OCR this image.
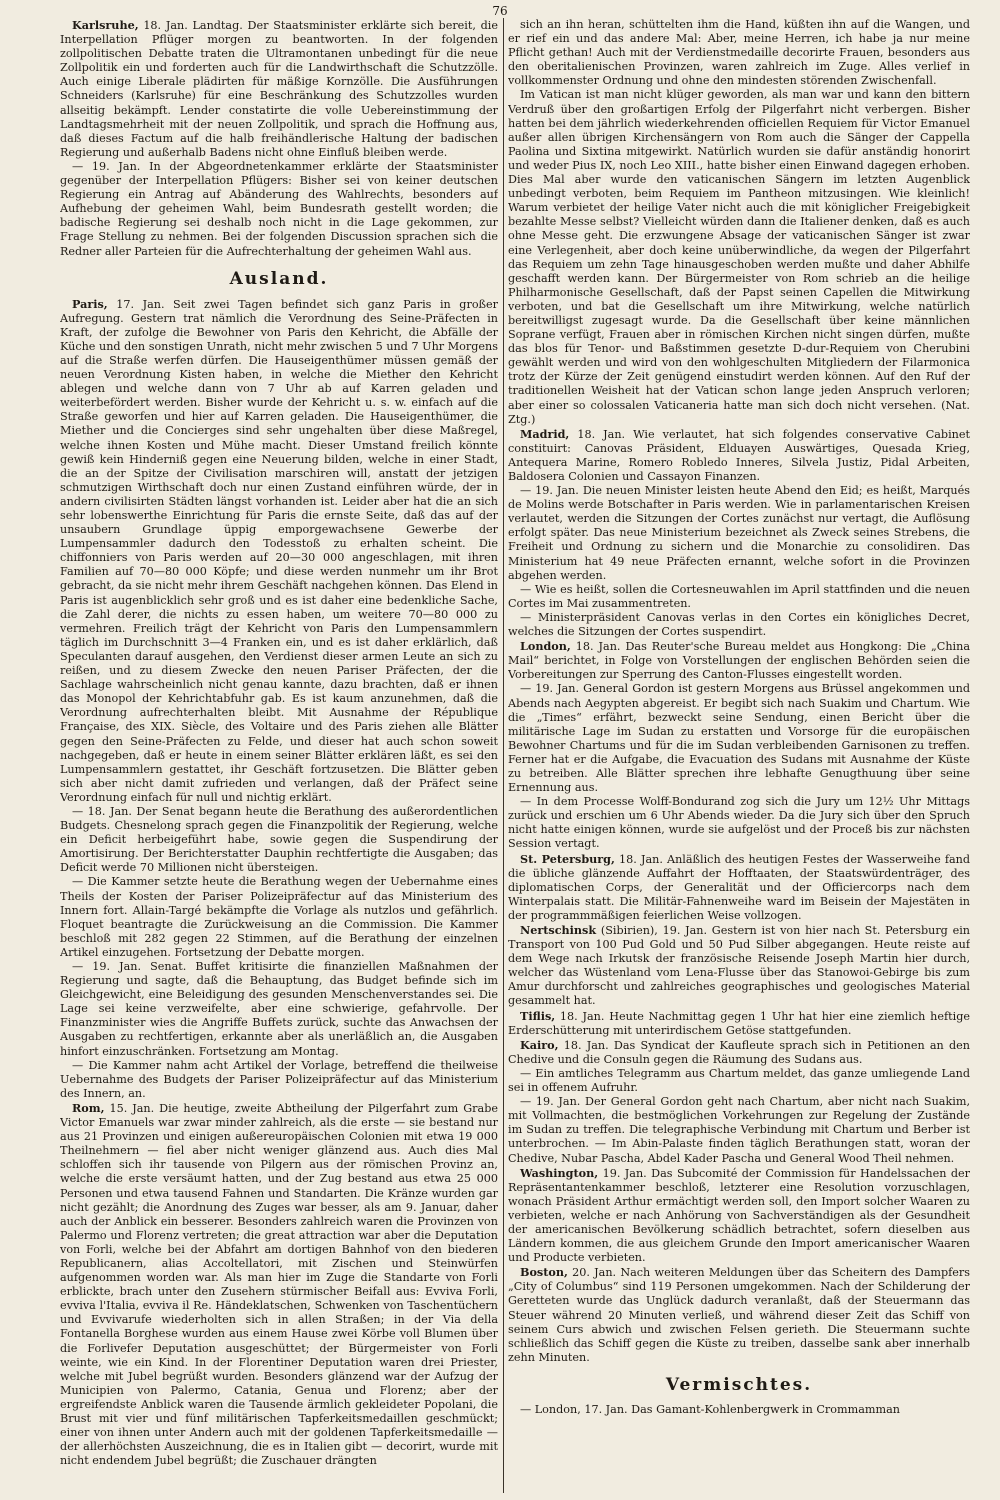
76

Karlsruhe, 18. Jan. Landtag. Der Staatsminister erklärte sich bereit, die Interpellation Pflüger morgen zu beantworten. In der folgenden zollpolitischen Debatte traten die Ultramontanen unbedingt für die neue Zollpolitik ein und forderten auch für die Landwirthschaft die Schutzzölle. Auch einige Liberale plädirten für mäßige Kornzölle. Die Ausführungen Schneiders (Karlsruhe) für eine Beschränkung des Schutzzolles wurden allseitig bekämpft. Lender constatirte die volle Uebereinstimmung der Landtagsmehrheit mit der neuen Zollpolitik, und sprach die Hoffnung aus, daß dieses Factum auf die halb freihändlerische Haltung der badischen Regierung und außerhalb Badens nicht ohne Einfluß bleiben werde.

— 19. Jan. In der Abgeordnetenkammer erklärte der Staatsminister gegenüber der Interpellation Pflügers: Bisher sei von keiner deutschen Regierung ein Antrag auf Abänderung des Wahlrechts, besonders auf Aufhebung der geheimen Wahl, beim Bundesrath gestellt worden; die badische Regierung sei deshalb noch nicht in die Lage gekommen, zur Frage Stellung zu nehmen. Bei der folgenden Discussion sprachen sich die Redner aller Parteien für die Aufrechterhaltung der geheimen Wahl aus.

Ausland.

Paris, 17. Jan. Seit zwei Tagen befindet sich ganz Paris in großer Aufregung. Gestern trat nämlich die Verordnung des Seine-Präfecten in Kraft, der zufolge die Bewohner von Paris den Kehricht, die Abfälle der Küche und den sonstigen Unrath, nicht mehr zwischen 5 und 7 Uhr Morgens auf die Straße werfen dürfen. Die Hauseigenthümer müssen gemäß der neuen Verordnung Kisten haben, in welche die Miether den Kehricht ablegen und welche dann von 7 Uhr ab auf Karren geladen und weiterbefördert werden. Bisher wurde der Kehricht u. s. w. einfach auf die Straße geworfen und hier auf Karren geladen. Die Hauseigenthümer, die Miether und die Concierges sind sehr ungehalten über diese Maßregel, welche ihnen Kosten und Mühe macht. Dieser Umstand freilich könnte gewiß kein Hinderniß gegen eine Neuerung bilden, welche in einer Stadt, die an der Spitze der Civilisation marschiren will, anstatt der jetzigen schmutzigen Wirthschaft doch nur einen Zustand einführen würde, der in andern civilisirten Städten längst vorhanden ist. Leider aber hat die an sich sehr lobenswerthe Einrichtung für Paris die ernste Seite, daß das auf der unsaubern Grundlage üppig emporgewachsene Gewerbe der Lumpensammler dadurch den Todesstoß zu erhalten scheint. Die chiffonniers von Paris werden auf 20—30 000 angeschlagen, mit ihren Familien auf 70—80 000 Köpfe; und diese werden nunmehr um ihr Brot gebracht, da sie nicht mehr ihrem Geschäft nachgehen können. Das Elend in Paris ist augenblicklich sehr groß und es ist daher eine bedenkliche Sache, die Zahl derer, die nichts zu essen haben, um weitere 70—80 000 zu vermehren. Freilich trägt der Kehricht von Paris den Lumpensammlern täglich im Durchschnitt 3—4 Franken ein, und es ist daher erklärlich, daß Speculanten darauf ausgehen, den Verdienst dieser armen Leute an sich zu reißen, und zu diesem Zwecke den neuen Pariser Präfecten, der die Sachlage wahrscheinlich nicht genau kannte, dazu brachten, daß er ihnen das Monopol der Kehrichtabfuhr gab. Es ist kaum anzunehmen, daß die Verordnung aufrechterhalten bleibt. Mit Ausnahme der République Française, des XIX. Siècle, des Voltaire und des Paris ziehen alle Blätter gegen den Seine-Präfecten zu Felde, und dieser hat auch schon soweit nachgegeben, daß er heute in einem seiner Blätter erklären läßt, es sei den Lumpensammlern gestattet, ihr Geschäft fortzusetzen. Die Blätter geben sich aber nicht damit zufrieden und verlangen, daß der Präfect seine Verordnung einfach für null und nichtig erklärt.

— 18. Jan. Der Senat begann heute die Berathung des außerordentlichen Budgets. Chesnelong sprach gegen die Finanzpolitik der Regierung, welche ein Deficit herbeigeführt habe, sowie gegen die Suspendirung der Amortisirung. Der Berichterstatter Dauphin rechtfertigte die Ausgaben; das Deficit werde 70 Millionen nicht übersteigen.

— Die Kammer setzte heute die Berathung wegen der Uebernahme eines Theils der Kosten der Pariser Polizeipräfectur auf das Ministerium des Innern fort. Allain-Targé bekämpfte die Vorlage als nutzlos und gefährlich. Floquet beantragte die Zurückweisung an die Commission. Die Kammer beschloß mit 282 gegen 22 Stimmen, auf die Berathung der einzelnen Artikel einzugehen. Fortsetzung der Debatte morgen.

— 19. Jan. Senat. Buffet kritisirte die finanziellen Maßnahmen der Regierung und sagte, daß die Behauptung, das Budget befinde sich im Gleichgewicht, eine Beleidigung des gesunden Menschenverstandes sei. Die Lage sei keine verzweifelte, aber eine schwierige, gefahrvolle. Der Finanzminister wies die Angriffe Buffets zurück, suchte das Anwachsen der Ausgaben zu rechtfertigen, erkannte aber als unerläßlich an, die Ausgaben hinfort einzuschränken. Fortsetzung am Montag.

— Die Kammer nahm acht Artikel der Vorlage, betreffend die theilweise Uebernahme des Budgets der Pariser Polizeipräfectur auf das Ministerium des Innern, an.

Rom, 15. Jan. Die heutige, zweite Abtheilung der Pilgerfahrt zum Grabe Victor Emanuels war zwar minder zahlreich, als die erste — sie bestand nur aus 21 Provinzen und einigen außereuropäischen Colonien mit etwa 19 000 Theilnehmern — fiel aber nicht weniger glänzend aus. Auch dies Mal schloffen sich ihr tausende von Pilgern aus der römischen Provinz an, welche die erste versäumt hatten, und der Zug bestand aus etwa 25 000 Personen und etwa tausend Fahnen und Standarten. Die Kränze wurden gar nicht gezählt; die Anordnung des Zuges war besser, als am 9. Januar, daher auch der Anblick ein besserer. Besonders zahlreich waren die Provinzen von Palermo und Florenz vertreten; die great attraction war aber die Deputation von Forli, welche bei der Abfahrt am dortigen Bahnhof von den biederen Republicanern, alias Accoltellatori, mit Zischen und Steinwürfen aufgenommen worden war. Als man hier im Zuge die Standarte von Forli erblickte, brach unter den Zusehern stürmischer Beifall aus: Evviva Forli, evviva l'Italia, evviva il Re. Händeklatschen, Schwenken von Taschentüchern und Evvivarufe wiederholten sich in allen Straßen; in der Via della Fontanella Borghese wurden aus einem Hause zwei Körbe voll Blumen über die Forlivefer Deputation ausgeschüttet; der Bürgermeister von Forli weinte, wie ein Kind. In der Florentiner Deputation waren drei Priester, welche mit Jubel begrüßt wurden. Besonders glänzend war der Aufzug der Municipien von Palermo, Catania, Genua und Florenz; aber der ergreifendste Anblick waren die Tausende ärmlich gekleideter Popolani, die Brust mit vier und fünf militärischen Tapferkeitsmedaillen geschmückt; einer von ihnen unter Andern auch mit der goldenen Tapferkeitsmedaille — der allerhöchsten Auszeichnung, die es in Italien gibt — decorirt, wurde mit nicht endendem Jubel begrüßt; die Zuschauer drängten

sich an ihn heran, schüttelten ihm die Hand, küßten ihn auf die Wangen, und er rief ein und das andere Mal: Aber, meine Herren, ich habe ja nur meine Pflicht gethan! Auch mit der Verdienstmedaille decorirte Frauen, besonders aus den oberitalienischen Provinzen, waren zahlreich im Zuge. Alles verlief in vollkommenster Ordnung und ohne den mindesten störenden Zwischenfall.

Im Vatican ist man nicht klüger geworden, als man war und kann den bittern Verdruß über den großartigen Erfolg der Pilgerfahrt nicht verbergen. Bisher hatten bei dem jährlich wiederkehrenden officiellen Requiem für Victor Emanuel außer allen übrigen Kirchensängern von Rom auch die Sänger der Cappella Paolina und Sixtina mitgewirkt. Natürlich wurden sie dafür anständig honorirt und weder Pius IX, noch Leo XIII., hatte bisher einen Einwand dagegen erhoben. Dies Mal aber wurde den vaticanischen Sängern im letzten Augenblick unbedingt verboten, beim Requiem im Pantheon mitzusingen. Wie kleinlich! Warum verbietet der heilige Vater nicht auch die mit königlicher Freigebigkeit bezahlte Messe selbst? Vielleicht würden dann die Italiener denken, daß es auch ohne Messe geht. Die erzwungene Absage der vaticanischen Sänger ist zwar eine Verlegenheit, aber doch keine unüberwindliche, da wegen der Pilgerfahrt das Requiem um zehn Tage hinausgeschoben werden mußte und daher Abhilfe geschafft werden kann. Der Bürgermeister von Rom schrieb an die heilige Philharmonische Gesellschaft, daß der Papst seinen Capellen die Mitwirkung verboten, und bat die Gesellschaft um ihre Mitwirkung, welche natürlich bereitwilligst zugesagt wurde. Da die Gesellschaft über keine männlichen Soprane verfügt, Frauen aber in römischen Kirchen nicht singen dürfen, mußte das blos für Tenor- und Baßstimmen gesetzte D-dur-Requiem von Cherubini gewählt werden und wird von den wohlgeschulten Mitgliedern der Filarmonica trotz der Kürze der Zeit genügend einstudirt werden können. Auf den Ruf der traditionellen Weisheit hat der Vatican schon lange jeden Anspruch verloren; aber einer so colossalen Vaticaneria hatte man sich doch nicht versehen. (Nat. Ztg.)

Madrid, 18. Jan. Wie verlautet, hat sich folgendes conservative Cabinet constituirt: Canovas Präsident, Elduayen Auswärtiges, Quesada Krieg, Antequera Marine, Romero Robledo Inneres, Silvela Justiz, Pidal Arbeiten, Baldosera Colonien und Cassayon Finanzen.

— 19. Jan. Die neuen Minister leisten heute Abend den Eid; es heißt, Marqués de Molins werde Botschafter in Paris werden. Wie in parlamentarischen Kreisen verlautet, werden die Sitzungen der Cortes zunächst nur vertagt, die Auflösung erfolgt später. Das neue Ministerium bezeichnet als Zweck seines Strebens, die Freiheit und Ordnung zu sichern und die Monarchie zu consolidiren. Das Ministerium hat 49 neue Präfecten ernannt, welche sofort in die Provinzen abgehen werden.

— Wie es heißt, sollen die Cortesneuwahlen im April stattfinden und die neuen Cortes im Mai zusammentreten.

— Ministerpräsident Canovas verlas in den Cortes ein königliches Decret, welches die Sitzungen der Cortes suspendirt.

London, 18. Jan. Das Reuter'sche Bureau meldet aus Hongkong: Die „China Mail“ berichtet, in Folge von Vorstellungen der englischen Behörden seien die Vorbereitungen zur Sperrung des Canton-Flusses eingestellt worden.

— 19. Jan. General Gordon ist gestern Morgens aus Brüssel angekommen und Abends nach Aegypten abgereist. Er begibt sich nach Suakim und Chartum. Wie die „Times“ erfährt, bezweckt seine Sendung, einen Bericht über die militärische Lage im Sudan zu erstatten und Vorsorge für die europäischen Bewohner Chartums und für die im Sudan verbleibenden Garnisonen zu treffen. Ferner hat er die Aufgabe, die Evacuation des Sudans mit Ausnahme der Küste zu betreiben. Alle Blätter sprechen ihre lebhafte Genugthuung über seine Ernennung aus.

— In dem Processe Wolff-Bondurand zog sich die Jury um 12½ Uhr Mittags zurück und erschien um 6 Uhr Abends wieder. Da die Jury sich über den Spruch nicht hatte einigen können, wurde sie aufgelöst und der Proceß bis zur nächsten Session vertagt.

St. Petersburg, 18. Jan. Anläßlich des heutigen Festes der Wasserweihe fand die übliche glänzende Auffahrt der Hofftaaten, der Staatswürdenträger, des diplomatischen Corps, der Generalität und der Officiercorps nach dem Winterpalais statt. Die Militär-Fahnenweihe ward im Beisein der Majestäten in der programmmäßigen feierlichen Weise vollzogen.

Nertschinsk (Sibirien), 19. Jan. Gestern ist von hier nach St. Petersburg ein Transport von 100 Pud Gold und 50 Pud Silber abgegangen. Heute reiste auf dem Wege nach Irkutsk der französische Reisende Joseph Martin hier durch, welcher das Wüstenland vom Lena-Flusse über das Stanowoi-Gebirge bis zum Amur durchforscht und zahlreiches geographisches und geologisches Material gesammelt hat.

Tiflis, 18. Jan. Heute Nachmittag gegen 1 Uhr hat hier eine ziemlich heftige Erderschütterung mit unterirdischem Getöse stattgefunden.

Kairo, 18. Jan. Das Syndicat der Kaufleute sprach sich in Petitionen an den Chedive und die Consuln gegen die Räumung des Sudans aus.

— Ein amtliches Telegramm aus Chartum meldet, das ganze umliegende Land sei in offenem Aufruhr.

— 19. Jan. Der General Gordon geht nach Chartum, aber nicht nach Suakim, mit Vollmachten, die bestmöglichen Vorkehrungen zur Regelung der Zustände im Sudan zu treffen. Die telegraphische Verbindung mit Chartum und Berber ist unterbrochen. — Im Abin-Palaste finden täglich Berathungen statt, woran der Chedive, Nubar Pascha, Abdel Kader Pascha und General Wood Theil nehmen.

Washington, 19. Jan. Das Subcomité der Commission für Handelssachen der Repräsentantenkammer beschloß, letzterer eine Resolution vorzuschlagen, wonach Präsident Arthur ermächtigt werden soll, den Import solcher Waaren zu verbieten, welche er nach Anhörung von Sachverständigen als der Gesundheit der americanischen Bevölkerung schädlich betrachtet, sofern dieselben aus Ländern kommen, die aus gleichem Grunde den Import americanischer Waaren und Producte verbieten.

Boston, 20. Jan. Nach weiteren Meldungen über das Scheitern des Dampfers „City of Columbus“ sind 119 Personen umgekommen. Nach der Schilderung der Geretteten wurde das Unglück dadurch veranlaßt, daß der Steuermann das Steuer während 20 Minuten verließ, und während dieser Zeit das Schiff von seinem Curs abwich und zwischen Felsen gerieth. Die Steuermann suchte schließlich das Schiff gegen die Küste zu treiben, dasselbe sank aber innerhalb zehn Minuten.

Vermischtes.

— London, 17. Jan. Das Gamant-Kohlenbergwerk in Crommamman
